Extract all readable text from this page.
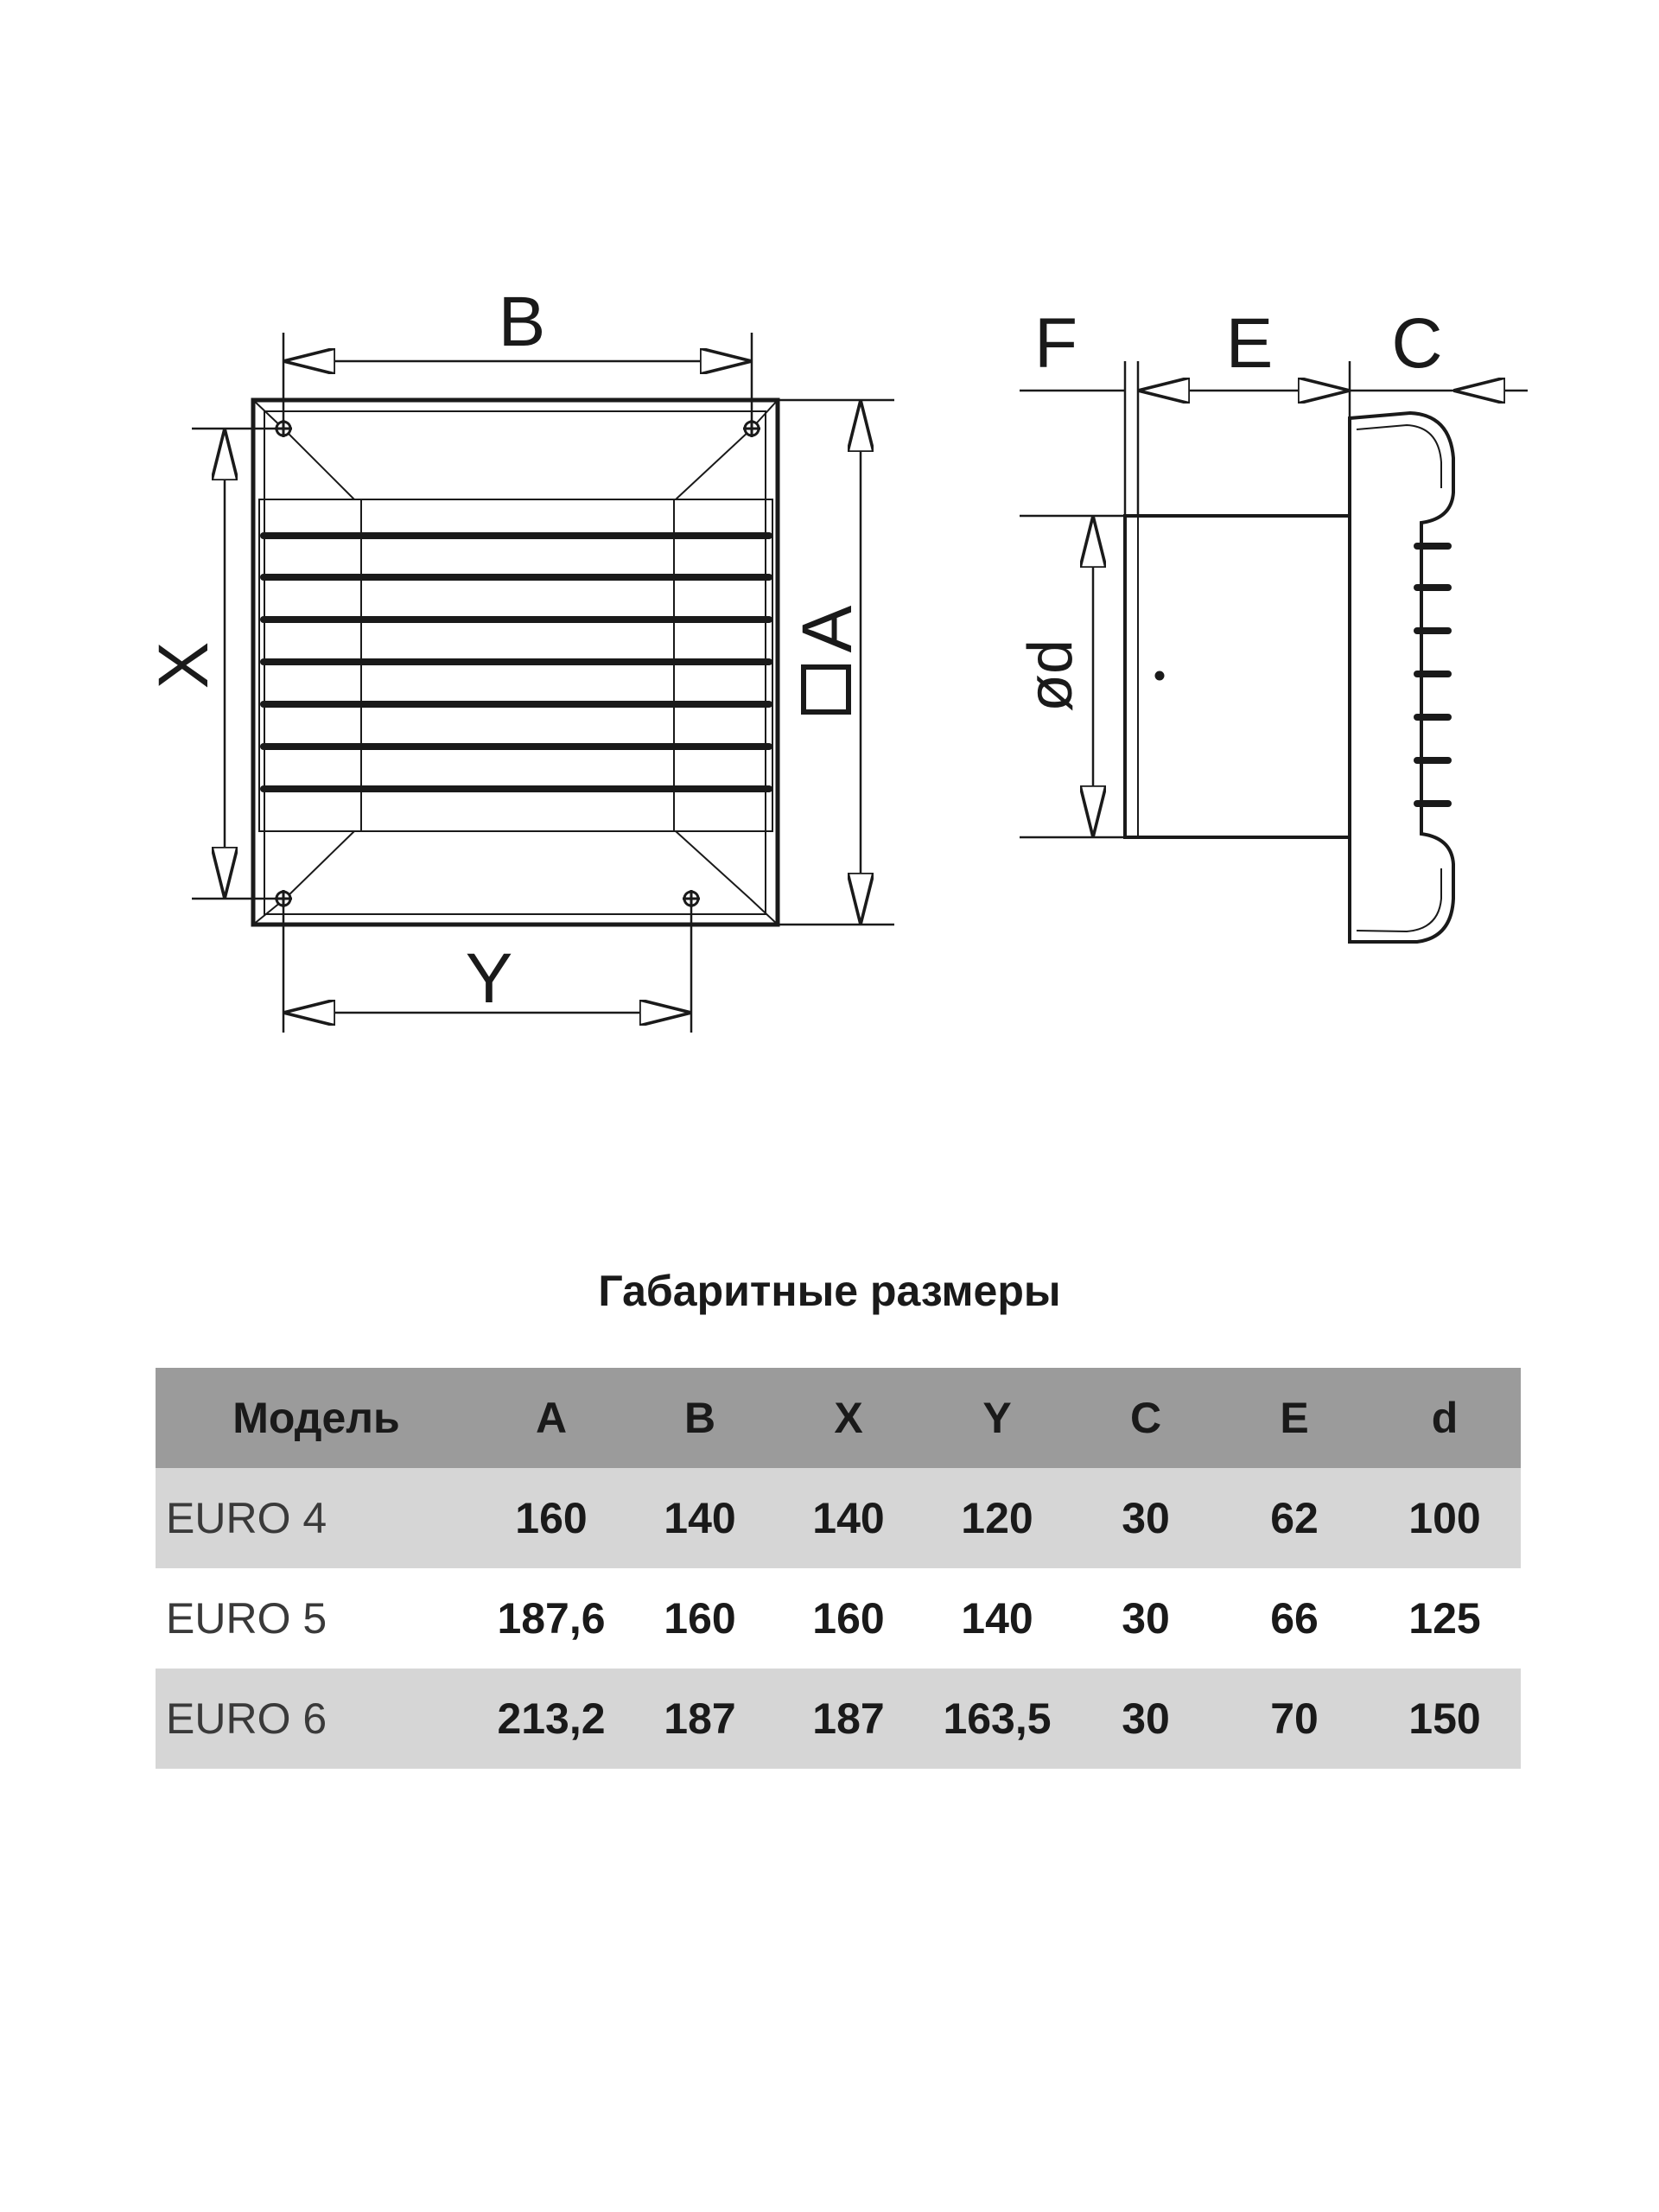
B
X
Y
A
F E C
ød
Габаритные размеры
Модель	A	B	X	Y	C	E	d
EURO 4	160	140	140	120	30	62	100
EURO 5	187,6	160	160	140	30	66	125
EURO 6	213,2	187	187	163,5	30	70	150
